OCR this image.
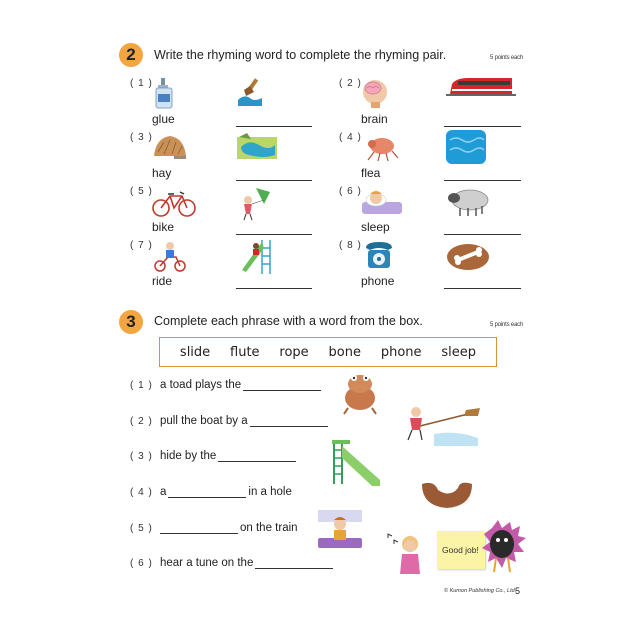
2	Write the rhyming word to complete the rhyming pair.	5 points each
( 1 )
glue
( 3 )
hay
( 5 )
bike
( 7 )
ride
( 2 )
brain
( 4 )
flea
( 6 )
sleep
( 8 )
phone
3	Complete each phrase with a word from the box.	5 points each
slide flute rope bone phone sleep
( 1 ) a toad plays the
( 2 ) pull the boat by a
( 3 ) hide by the
( 4 ) a	in a hole
( 5 )	on the train
( 6 ) hear a tune on the
Good job!
© Kumon Publishing Co., Ltd.
5
